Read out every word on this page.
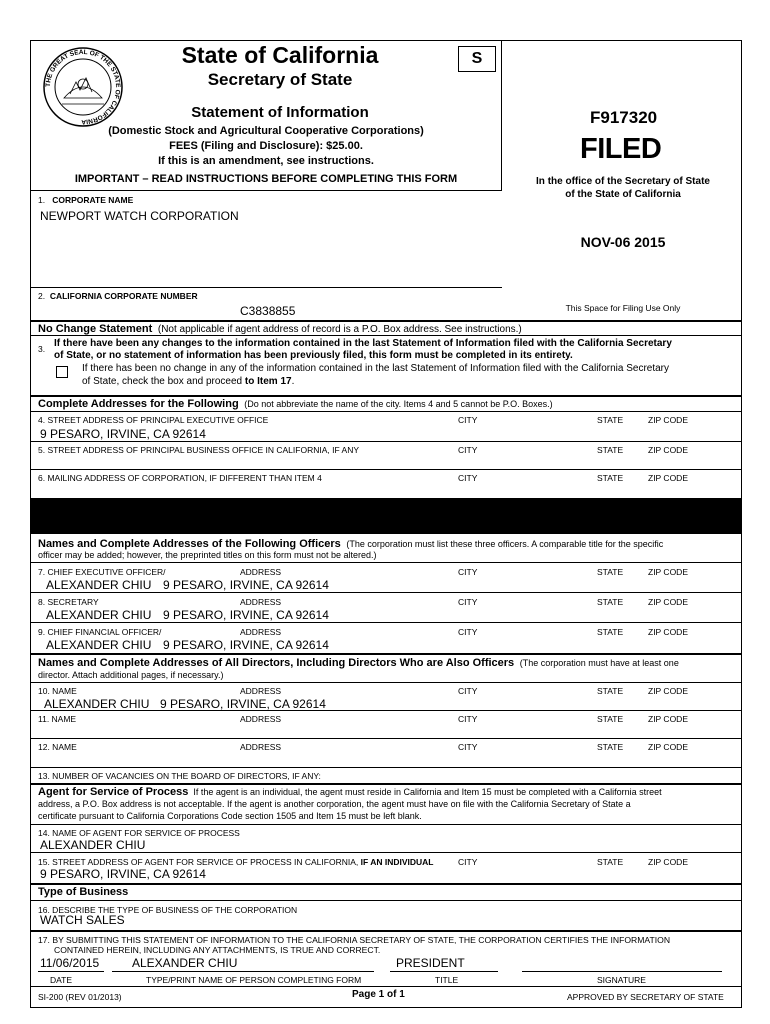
THE GREAT SEAL OF THE STATE OF CALIFORNIA
State of California
Secretary of State
S
Statement of Information
(Domestic Stock and Agricultural Cooperative Corporations)
FEES (Filing and Disclosure): $25.00.
If this is an amendment, see instructions.
IMPORTANT – READ INSTRUCTIONS BEFORE COMPLETING THIS FORM
F917320
FILED
In the office of the Secretary of State
of the State of California
NOV-06 2015
This Space for Filing Use Only
1. CORPORATE NAME
NEWPORT WATCH CORPORATION
2. CALIFORNIA CORPORATE NUMBER
C3838855
No Change Statement (Not applicable if agent address of record is a P.O. Box address. See instructions.)
3. If there have been any changes to the information contained in the last Statement of Information filed with the California Secretary
of State, or no statement of information has been previously filed, this form must be completed in its entirety.
If there has been no change in any of the information contained in the last Statement of Information filed with the California Secretary
of State, check the box and proceed to Item 17.
Complete Addresses for the Following (Do not abbreviate the name of the city. Items 4 and 5 cannot be P.O. Boxes.)
4. STREET ADDRESS OF PRINCIPAL EXECUTIVE OFFICE	CITY	STATE	ZIP CODE
9 PESARO, IRVINE, CA 92614
5. STREET ADDRESS OF PRINCIPAL BUSINESS OFFICE IN CALIFORNIA, IF ANY	CITY	STATE	ZIP CODE
6. MAILING ADDRESS OF CORPORATION, IF DIFFERENT THAN ITEM 4	CITY	STATE	ZIP CODE
Names and Complete Addresses of the Following Officers (The corporation must list these three officers. A comparable title for the specific
officer may be added; however, the preprinted titles on this form must not be altered.)
7. CHIEF EXECUTIVE OFFICER/	ADDRESS	CITY	STATE	ZIP CODE
ALEXANDER CHIU 9 PESARO, IRVINE, CA 92614
8. SECRETARY	ADDRESS	CITY	STATE	ZIP CODE
ALEXANDER CHIU 9 PESARO, IRVINE, CA 92614
9. CHIEF FINANCIAL OFFICER/	ADDRESS	CITY	STATE	ZIP CODE
ALEXANDER CHIU 9 PESARO, IRVINE, CA 92614
Names and Complete Addresses of All Directors, Including Directors Who are Also Officers (The corporation must have at least one
director. Attach additional pages, if necessary.)
10. NAME	ADDRESS	CITY	STATE	ZIP CODE
ALEXANDER CHIU 9 PESARO, IRVINE, CA 92614
11. NAME	ADDRESS	CITY	STATE	ZIP CODE
12. NAME	ADDRESS	CITY	STATE	ZIP CODE
13. NUMBER OF VACANCIES ON THE BOARD OF DIRECTORS, IF ANY:
Agent for Service of Process If the agent is an individual, the agent must reside in California and Item 15 must be completed with a California street
address, a P.O. Box address is not acceptable. If the agent is another corporation, the agent must have on file with the California Secretary of State a
certificate pursuant to California Corporations Code section 1505 and Item 15 must be left blank.
14. NAME OF AGENT FOR SERVICE OF PROCESS
ALEXANDER CHIU
15. STREET ADDRESS OF AGENT FOR SERVICE OF PROCESS IN CALIFORNIA, IF AN INDIVIDUAL	CITY	STATE	ZIP CODE
9 PESARO, IRVINE, CA 92614
Type of Business
16. DESCRIBE THE TYPE OF BUSINESS OF THE CORPORATION
WATCH SALES
17. BY SUBMITTING THIS STATEMENT OF INFORMATION TO THE CALIFORNIA SECRETARY OF STATE, THE CORPORATION CERTIFIES THE INFORMATION
CONTAINED HEREIN, INCLUDING ANY ATTACHMENTS, IS TRUE AND CORRECT.
11/06/2015	ALEXANDER CHIU	PRESIDENT
DATE	TYPE/PRINT NAME OF PERSON COMPLETING FORM	TITLE	SIGNATURE
SI-200 (REV 01/2013)	Page 1 of 1	APPROVED BY SECRETARY OF STATE
